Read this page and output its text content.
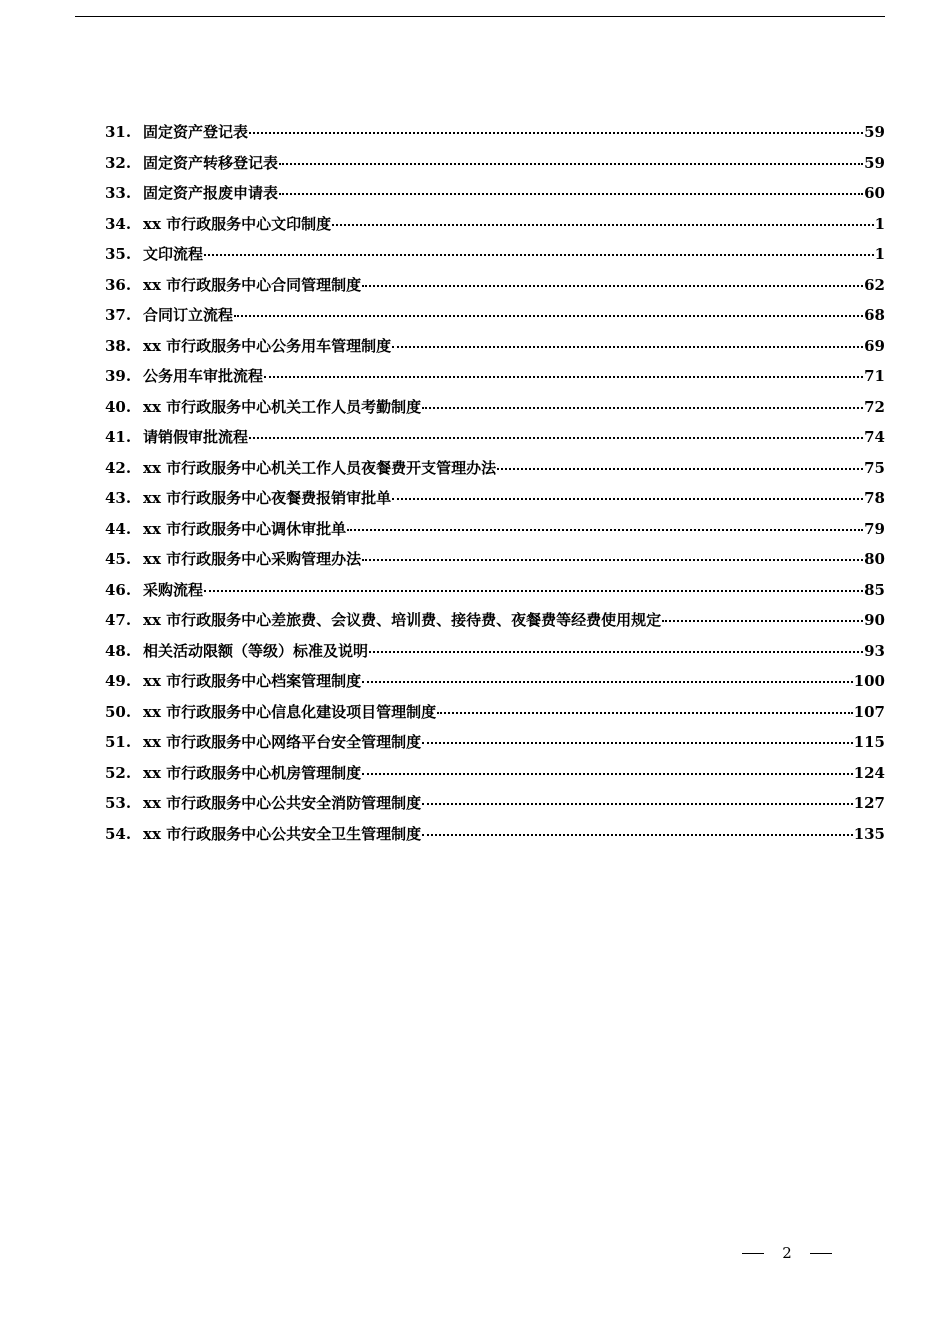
31. 固定资产登记表	59
32. 固定资产转移登记表	59
33. 固定资产报废申请表	60
34. xx 市行政服务中心文印制度	1
35. 文印流程	1
36. xx 市行政服务中心合同管理制度	62
37. 合同订立流程	68
38. xx 市行政服务中心公务用车管理制度	69
39. 公务用车审批流程	71
40. xx 市行政服务中心机关工作人员考勤制度	72
41. 请销假审批流程	74
42. xx 市行政服务中心机关工作人员夜餐费开支管理办法	75
43. xx 市行政服务中心夜餐费报销审批单	78
44. xx 市行政服务中心调休审批单	79
45. xx 市行政服务中心采购管理办法	80
46. 采购流程	85
47. xx 市行政服务中心差旅费、会议费、培训费、接待费、夜餐费等经费使用规定	90
48. 相关活动限额（等级）标准及说明	93
49. xx 市行政服务中心档案管理制度	100
50. xx 市行政服务中心信息化建设项目管理制度	107
51. xx 市行政服务中心网络平台安全管理制度	115
52. xx 市行政服务中心机房管理制度	124
53. xx 市行政服务中心公共安全消防管理制度	127
54. xx 市行政服务中心公共安全卫生管理制度	135
2
